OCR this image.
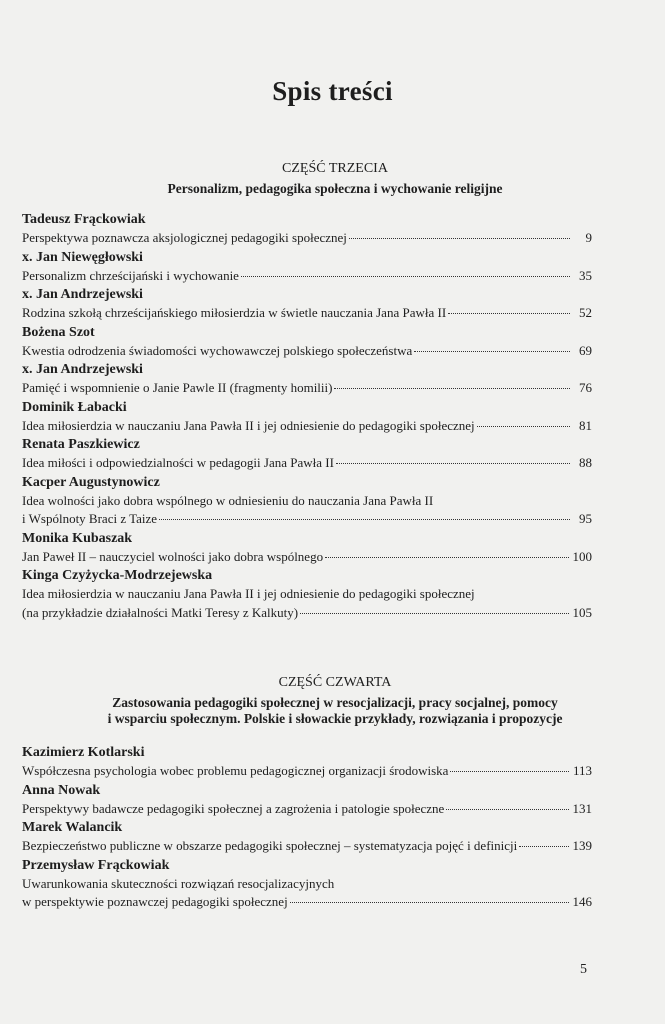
Spis treści
CZĘŚĆ TRZECIA
Personalizm, pedagogika społeczna i wychowanie religijne
Tadeusz Frąckowiak
Perspektywa poznawcza aksjologicznej pedagogiki społecznej	9
x. Jan Niewęgłowski
Personalizm chrześcijański i wychowanie	35
x. Jan Andrzejewski
Rodzina szkołą chrześcijańskiego miłosierdzia w świetle nauczania Jana Pawła II	52
Bożena Szot
Kwestia odrodzenia świadomości wychowawczej polskiego społeczeństwa	69
x. Jan Andrzejewski
Pamięć i wspomnienie o Janie Pawle II (fragmenty homilii)	76
Dominik Łabacki
Idea miłosierdzia w nauczaniu Jana Pawła II i jej odniesienie do pedagogiki społecznej	81
Renata Paszkiewicz
Idea miłości i odpowiedzialności w pedagogii Jana Pawła II	88
Kacper Augustynowicz
Idea wolności jako dobra wspólnego w odniesieniu do nauczania Jana Pawła II
i Wspólnoty Braci z Taize	95
Monika Kubaszak
Jan Paweł II – nauczyciel wolności jako dobra wspólnego	100
Kinga Czyżycka-Modrzejewska
Idea miłosierdzia w nauczaniu Jana Pawła II i jej odniesienie do pedagogiki społecznej
(na przykładzie działalności Matki Teresy z Kalkuty)	105
CZĘŚĆ CZWARTA
Zastosowania pedagogiki społecznej w resocjalizacji, pracy socjalnej, pomocy
i wsparciu społecznym. Polskie i słowackie przykłady, rozwiązania i propozycje
Kazimierz Kotlarski
Współczesna psychologia wobec problemu pedagogicznej organizacji środowiska	113
Anna Nowak
Perspektywy badawcze pedagogiki społecznej a zagrożenia i patologie społeczne	131
Marek Walancik
Bezpieczeństwo publiczne w obszarze pedagogiki społecznej – systematyzacja pojęć i definicji	139
Przemysław Frąckowiak
Uwarunkowania skuteczności rozwiązań resocjalizacyjnych
w perspektywie poznawczej pedagogiki społecznej	146
5
